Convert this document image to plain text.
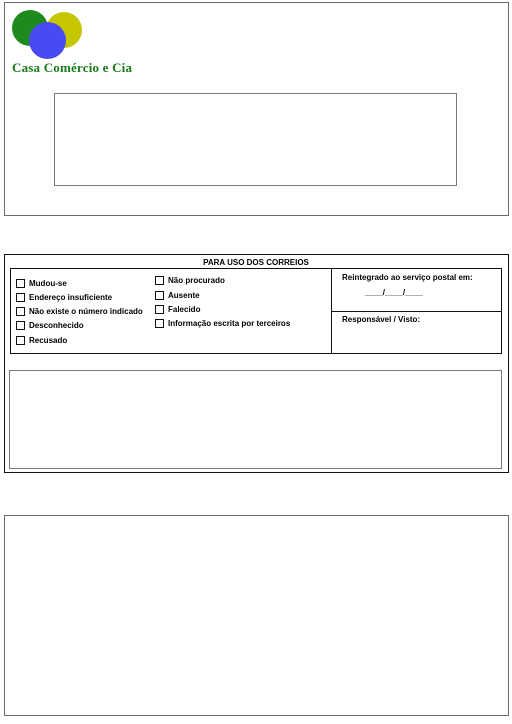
Casa Comércio e Cia
PARA USO DOS CORREIOS
Mudou-se
Endereço insuficiente
Não existe o número indicado
Desconhecido
Recusado
Não procurado
Ausente
Falecido
Informação escrita por terceiros
Reintegrado ao serviço postal em:
____/____/____
Responsável / Visto:
